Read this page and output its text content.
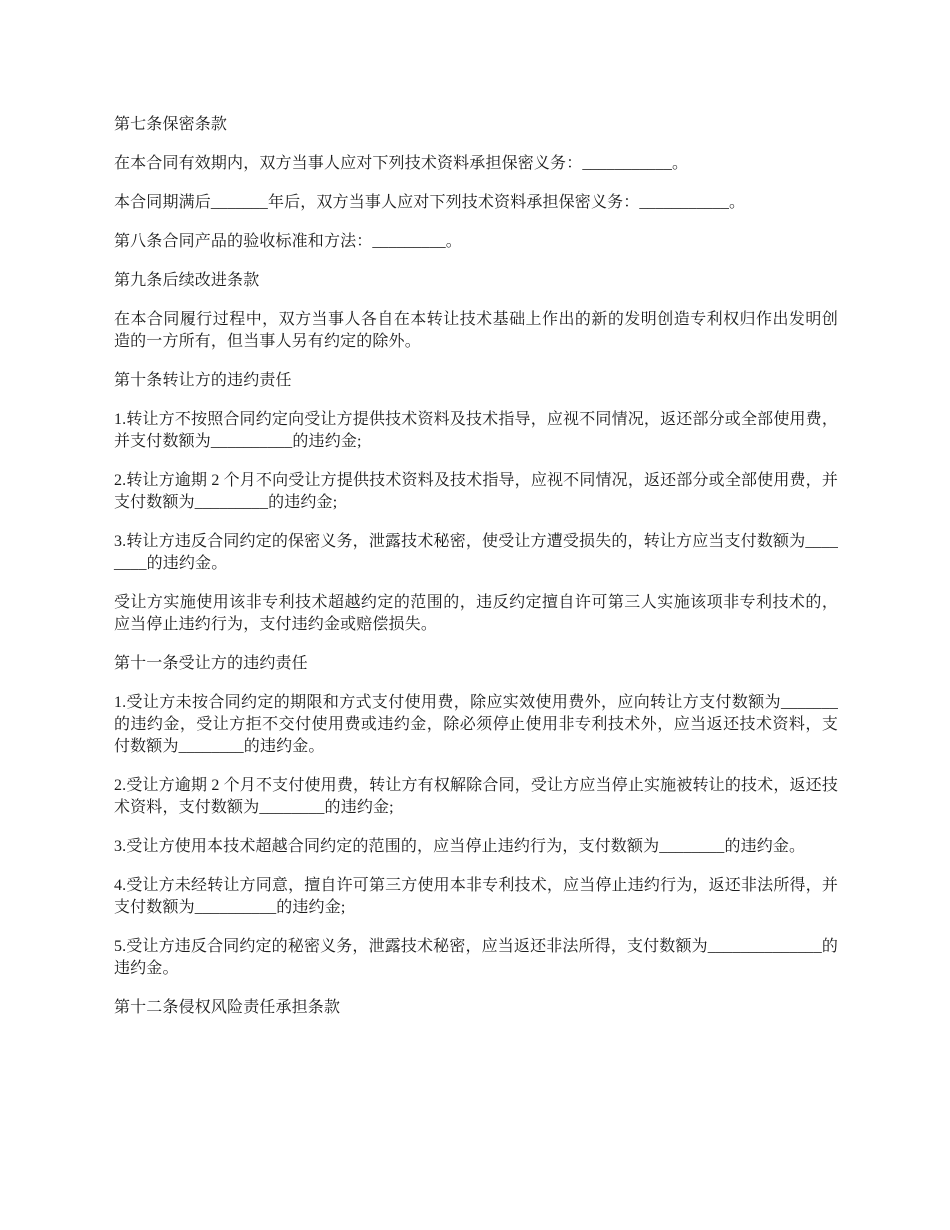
第七条保密条款

在本合同有效期内，双方当事人应对下列技术资料承担保密义务：___________。

本合同期满后_______年后，双方当事人应对下列技术资料承担保密义务：___________。

第八条合同产品的验收标准和方法：_________。

第九条后续改进条款

在本合同履行过程中，双方当事人各自在本转让技术基础上作出的新的发明创造专利权归作出发明创造的一方所有，但当事人另有约定的除外。

第十条转让方的违约责任

1.转让方不按照合同约定向受让方提供技术资料及技术指导，应视不同情况，返还部分或全部使用费，并支付数额为__________的违约金;

2.转让方逾期 2 个月不向受让方提供技术资料及技术指导，应视不同情况，返还部分或全部使用费，并支付数额为_________的违约金;

3.转让方违反合同约定的保密义务，泄露技术秘密，使受让方遭受损失的，转让方应当支付数额为________的违约金。

受让方实施使用该非专利技术超越约定的范围的，违反约定擅自许可第三人实施该项非专利技术的，应当停止违约行为，支付违约金或赔偿损失。

第十一条受让方的违约责任

1.受让方未按合同约定的期限和方式支付使用费，除应实效使用费外，应向转让方支付数额为_______的违约金，受让方拒不交付使用费或违约金，除必须停止使用非专利技术外，应当返还技术资料，支付数额为________的违约金。

2.受让方逾期 2 个月不支付使用费，转让方有权解除合同，受让方应当停止实施被转让的技术，返还技术资料，支付数额为________的违约金;

3.受让方使用本技术超越合同约定的范围的，应当停止违约行为，支付数额为________的违约金。

4.受让方未经转让方同意，擅自许可第三方使用本非专利技术，应当停止违约行为，返还非法所得，并支付数额为__________的违约金;

5.受让方违反合同约定的秘密义务，泄露技术秘密，应当返还非法所得，支付数额为______________的违约金。

第十二条侵权风险责任承担条款
